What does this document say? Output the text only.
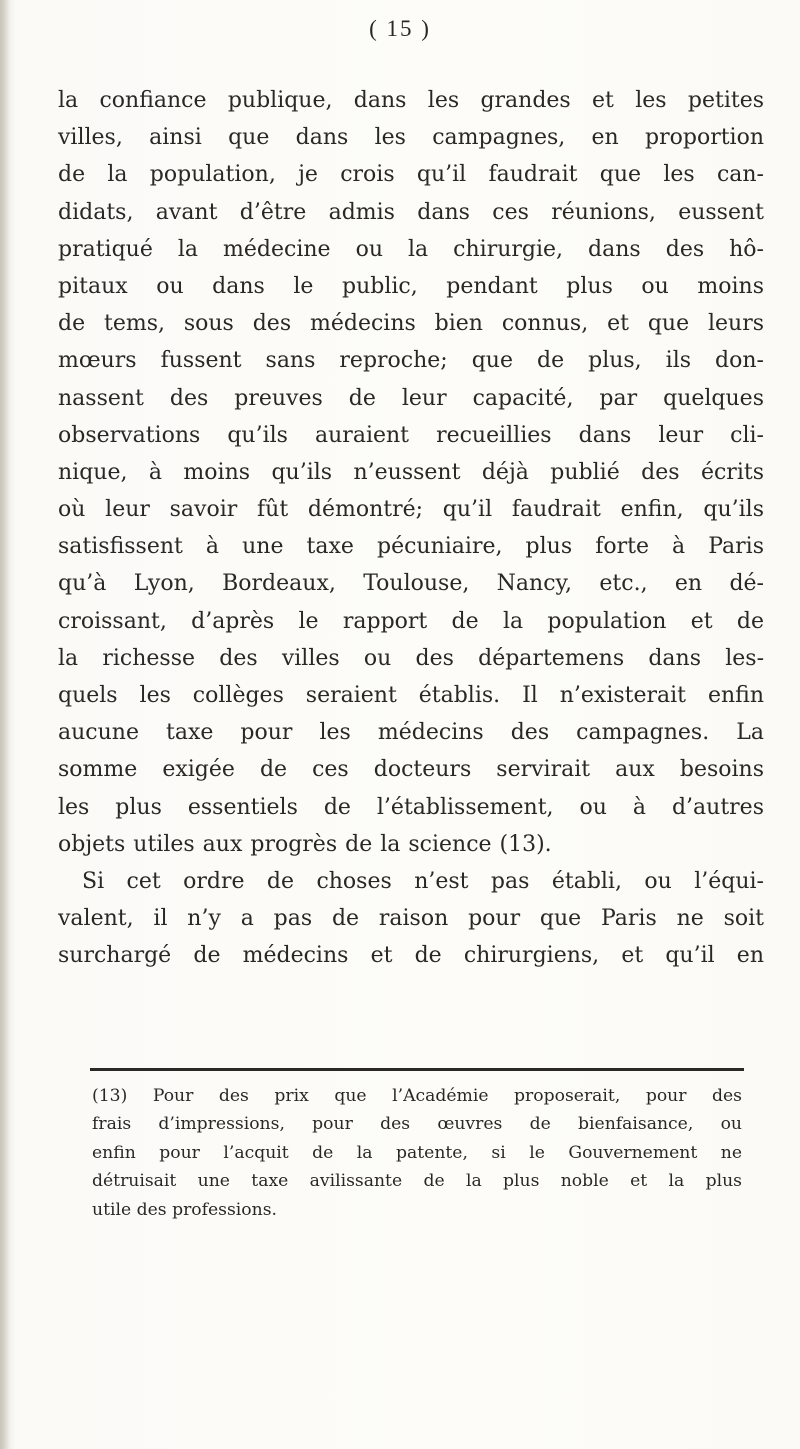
( 15 )
la confiance publique, dans les grandes et les petites
villes, ainsi que dans les campagnes, en proportion
de la population, je crois qu’il faudrait que les can-
didats, avant d’être admis dans ces réunions, eussent
pratiqué la médecine ou la chirurgie, dans des hô-
pitaux ou dans le public, pendant plus ou moins
de tems, sous des médecins bien connus, et que leurs
mœurs fussent sans reproche; que de plus, ils don-
nassent des preuves de leur capacité, par quelques
observations qu’ils auraient recueillies dans leur cli-
nique, à moins qu’ils n’eussent déjà publié des écrits
où leur savoir fût démontré; qu’il faudrait enfin, qu’ils
satisfissent à une taxe pécuniaire, plus forte à Paris
qu’à Lyon, Bordeaux, Toulouse, Nancy, etc., en dé-
croissant, d’après le rapport de la population et de
la richesse des villes ou des départemens dans les-
quels les collèges seraient établis. Il n’existerait enfin
aucune taxe pour les médecins des campagnes. La
somme exigée de ces docteurs servirait aux besoins
les plus essentiels de l’établissement, ou à d’autres
objets utiles aux progrès de la science (13).
Si cet ordre de choses n’est pas établi, ou l’équi-
valent, il n’y a pas de raison pour que Paris ne soit
surchargé de médecins et de chirurgiens, et qu’il en
(13) Pour des prix que l’Académie proposerait, pour des
frais d’impressions, pour des œuvres de bienfaisance, ou
enfin pour l’acquit de la patente, si le Gouvernement ne
détruisait une taxe avilissante de la plus noble et la plus
utile des professions.
